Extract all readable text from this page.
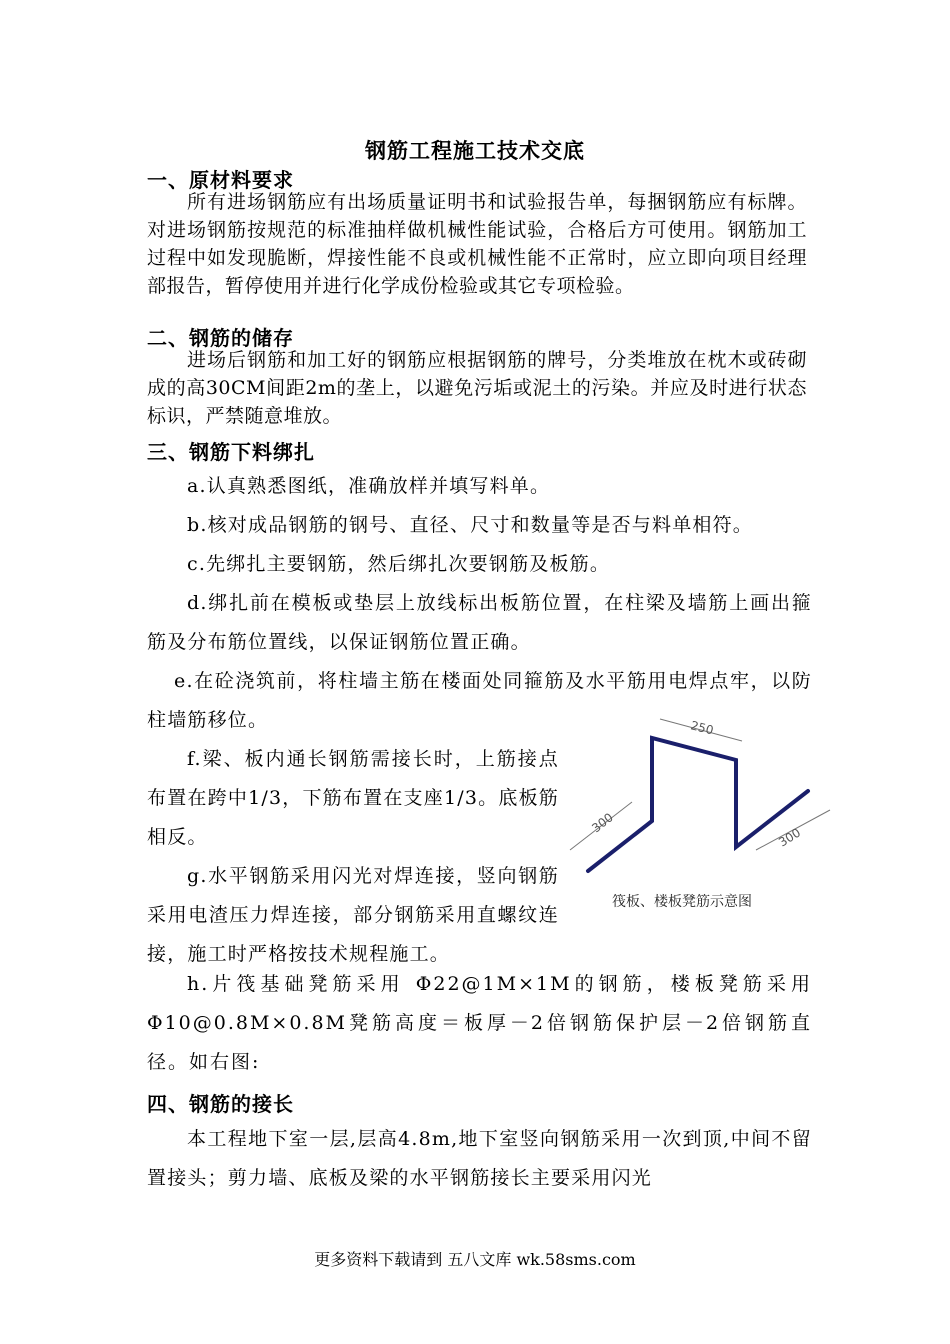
钢筋工程施工技术交底
一、原材料要求
所有进场钢筋应有出场质量证明书和试验报告单，每捆钢筋应有标牌。对进场钢筋按规范的标准抽样做机械性能试验，合格后方可使用。钢筋加工过程中如发现脆断，焊接性能不良或机械性能不正常时，应立即向项目经理部报告，暂停使用并进行化学成份检验或其它专项检验。
二、钢筋的储存
进场后钢筋和加工好的钢筋应根据钢筋的牌号，分类堆放在枕木或砖砌成的高30CM间距2m的垄上，以避免污垢或泥土的污染。并应及时进行状态标识，严禁随意堆放。
三、钢筋下料绑扎
a.认真熟悉图纸，准确放样并填写料单。
b.核对成品钢筋的钢号、直径、尺寸和数量等是否与料单相符。
c.先绑扎主要钢筋，然后绑扎次要钢筋及板筋。
d.绑扎前在模板或垫层上放线标出板筋位置，在柱梁及墙筋上画出箍筋及分布筋位置线，以保证钢筋位置正确。
e.在砼浇筑前，将柱墙主筋在楼面处同箍筋及水平筋用电焊点牢，以防柱墙筋移位。
f.梁、板内通长钢筋需接长时，上筋接点布置在跨中1/3，下筋布置在支座1/3。底板筋相反。
g.水平钢筋采用闪光对焊连接，竖向钢筋采用电渣压力焊连接，部分钢筋采用直螺纹连接，施工时严格按技术规程施工。
h.片筏基础凳筋采用 Φ22@1M×1M的钢筋，楼板凳筋采用Φ10@0.8M×0.8M凳筋高度＝板厚－2倍钢筋保护层－2倍钢筋直径。如右图:
300
250
300
筏板、楼板凳筋示意图
四、钢筋的接长
本工程地下室一层,层高4.8m,地下室竖向钢筋采用一次到顶,中间不留置接头；剪力墙、底板及梁的水平钢筋接长主要采用闪光
更多资料下载请到 五八文库 wk.58sms.com
